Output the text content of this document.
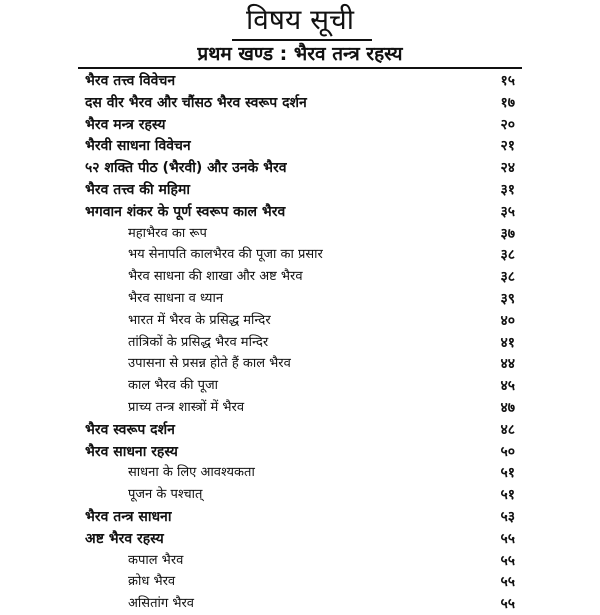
विषय सूची
प्रथम खण्ड : भैरव तन्त्र रहस्य
भैरव तत्त्व विवेचन	१५
दस वीर भैरव और चौंसठ भैरव स्वरूप दर्शन	१७
भैरव मन्त्र रहस्य	२०
भैरवी साधना विवेचन	२१
५२ शक्ति पीठ (भैरवी) और उनके भैरव	२४
भैरव तत्त्व की महिमा	३१
भगवान शंकर के पूर्ण स्वरूप काल भैरव	३५
महाभैरव का रूप	३७
भय सेनापति कालभैरव की पूजा का प्रसार	३८
भैरव साधना की शाखा और अष्ट भैरव	३८
भैरव साधना व ध्यान	३९
भारत में भैरव के प्रसिद्ध मन्दिर	४०
तांत्रिकों के प्रसिद्ध भैरव मन्दिर	४१
उपासना से प्रसन्न होते हैं काल भैरव	४४
काल भैरव की पूजा	४५
प्राच्य तन्त्र शास्त्रों में भैरव	४७
भैरव स्वरूप दर्शन	४८
भैरव साधना रहस्य	५०
साधना के लिए आवश्यकता	५१
पूजन के पश्चात्	५१
भैरव तन्त्र साधना	५३
अष्ट भैरव रहस्य	५५
कपाल भैरव	५५
क्रोध भैरव	५५
असितांग भैरव	५५
